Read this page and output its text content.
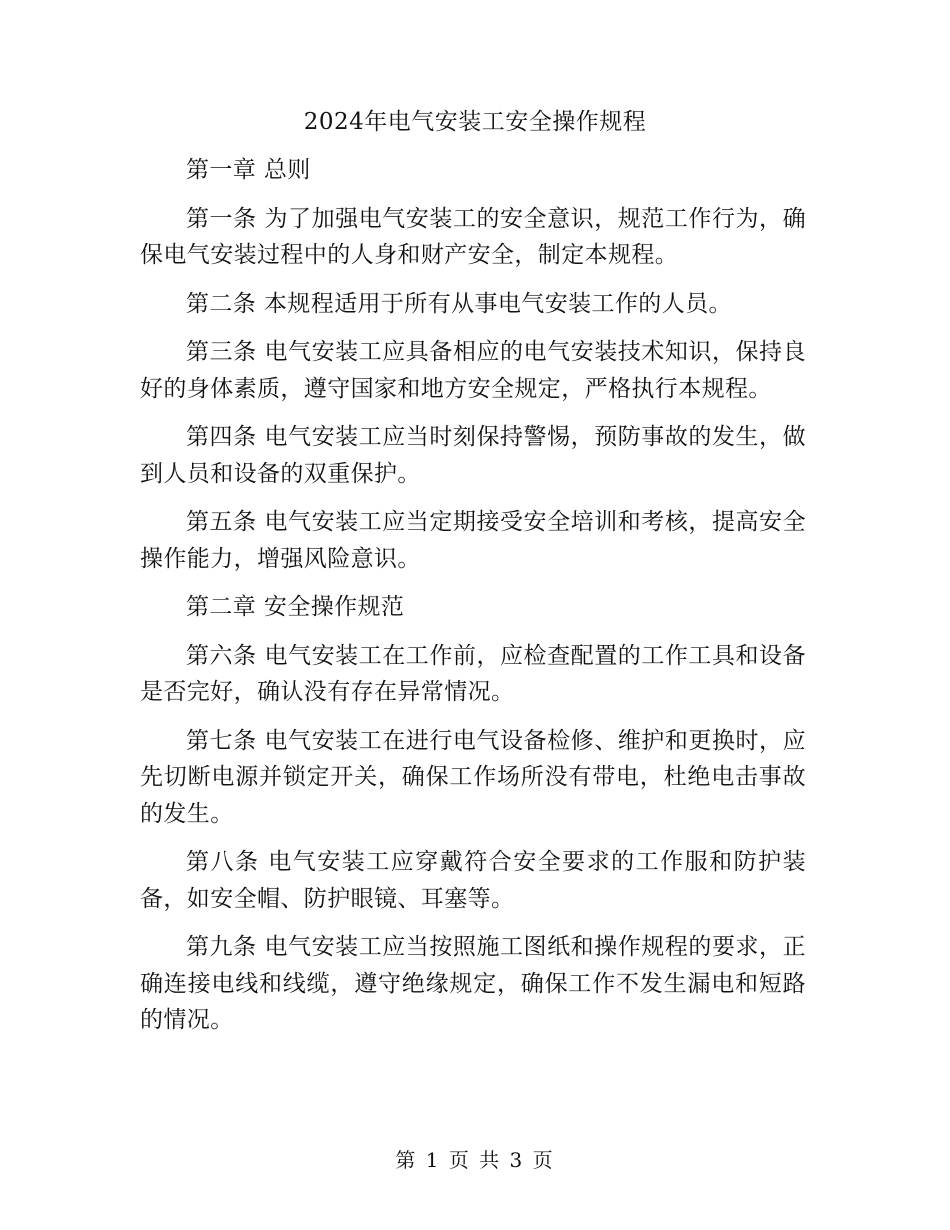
2024年电气安装工安全操作规程

第一章 总则

第一条 为了加强电气安装工的安全意识，规范工作行为，确保电气安装过程中的人身和财产安全，制定本规程。

第二条 本规程适用于所有从事电气安装工作的人员。

第三条 电气安装工应具备相应的电气安装技术知识，保持良好的身体素质，遵守国家和地方安全规定，严格执行本规程。

第四条 电气安装工应当时刻保持警惕，预防事故的发生，做到人员和设备的双重保护。

第五条 电气安装工应当定期接受安全培训和考核，提高安全操作能力，增强风险意识。

第二章 安全操作规范

第六条 电气安装工在工作前，应检查配置的工作工具和设备是否完好，确认没有存在异常情况。

第七条 电气安装工在进行电气设备检修、维护和更换时，应先切断电源并锁定开关，确保工作场所没有带电，杜绝电击事故的发生。

第八条 电气安装工应穿戴符合安全要求的工作服和防护装备，如安全帽、防护眼镜、耳塞等。

第九条 电气安装工应当按照施工图纸和操作规程的要求，正确连接电线和线缆，遵守绝缘规定，确保工作不发生漏电和短路的情况。

第 1 页 共 3 页
